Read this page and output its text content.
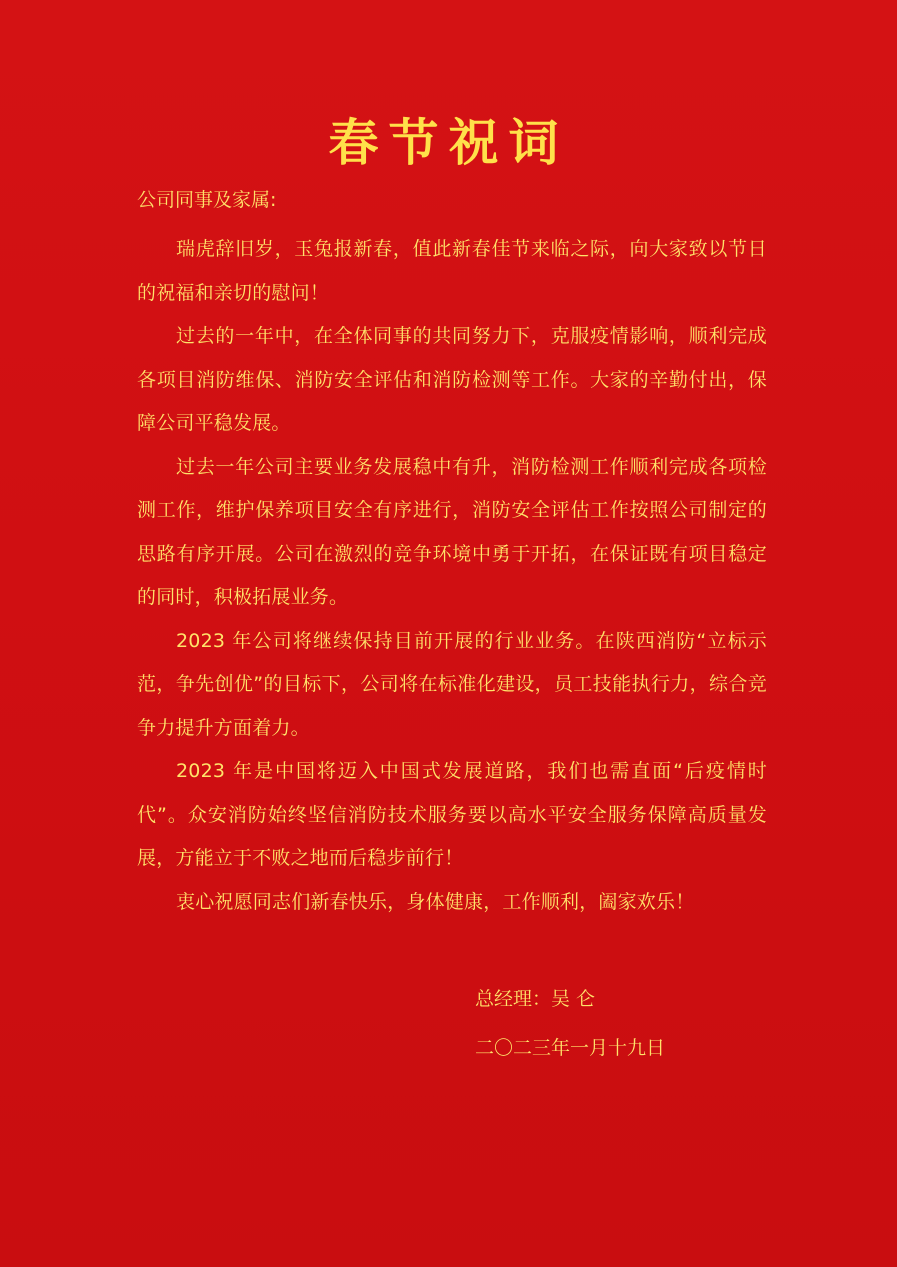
春节祝词
公司同事及家属:

瑞虎辞旧岁，玉兔报新春，值此新春佳节来临之际，向大家致以节日的祝福和亲切的慰问！

过去的一年中，在全体同事的共同努力下，克服疫情影响，顺利完成各项目消防维保、消防安全评估和消防检测等工作。大家的辛勤付出，保障公司平稳发展。

过去一年公司主要业务发展稳中有升，消防检测工作顺利完成各项检测工作，维护保养项目安全有序进行，消防安全评估工作按照公司制定的思路有序开展。公司在激烈的竞争环境中勇于开拓，在保证既有项目稳定的同时，积极拓展业务。

2023 年公司将继续保持目前开展的行业业务。在陕西消防“立标示范，争先创优”的目标下，公司将在标准化建设，员工技能执行力，综合竞争力提升方面着力。

2023 年是中国将迈入中国式发展道路，我们也需直面“后疫情时代”。众安消防始终坚信消防技术服务要以高水平安全服务保障高质量发展，方能立于不败之地而后稳步前行！

衷心祝愿同志们新春快乐，身体健康，工作顺利，阖家欢乐！

总经理：吴 仑
二〇二三年一月十九日
